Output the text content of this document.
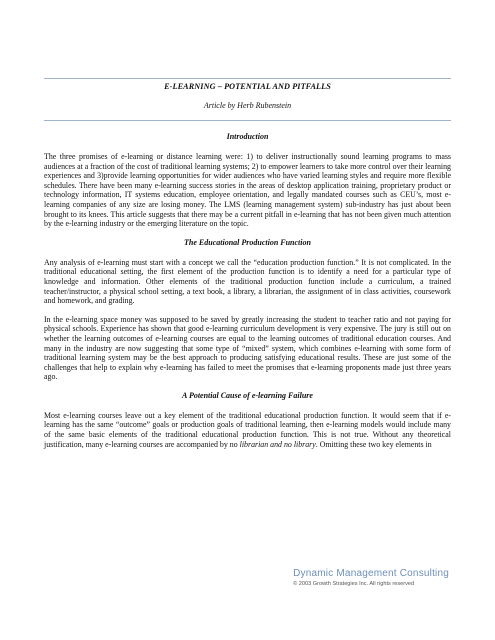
E-LEARNING – POTENTIAL AND PITFALLS
Article by Herb Rubenstein
Introduction

The three promises of e-learning or distance learning were: 1) to deliver instructionally sound learning programs to mass audiences at a fraction of the cost of traditional learning systems; 2) to empower learners to take more control over their learning experiences and 3)provide learning opportunities for wider audiences who have varied learning styles and require more flexible schedules. There have been many e-learning success stories in the areas of desktop application training, proprietary product or technology information, IT systems education, employee orientation, and legally mandated courses such as CEU’s, most e-learning companies of any size are losing money. The LMS (learning management system) sub-industry has just about been brought to its knees. This article suggests that there may be a current pitfall in e-learning that has not been given much attention by the e-learning industry or the emerging literature on the topic.

The Educational Production Function

Any analysis of e-learning must start with a concept we call the “education production function.” It is not complicated. In the traditional educational setting, the first element of the production function is to identify a need for a particular type of knowledge and information. Other elements of the traditional production function include a curriculum, a trained teacher/instructor, a physical school setting, a text book, a library, a librarian, the assignment of in class activities, coursework and homework, and grading.

In the e-learning space money was supposed to be saved by greatly increasing the student to teacher ratio and not paying for physical schools. Experience has shown that good e-learning curriculum development is very expensive. The jury is still out on whether the learning outcomes of e-learning courses are equal to the learning outcomes of traditional education courses. And many in the industry are now suggesting that some type of “mixed” system, which combines e-learning with some form of traditional learning system may be the best approach to producing satisfying educational results. These are just some of the challenges that help to explain why e-learning has failed to meet the promises that e-learning proponents made just three years ago.

A Potential Cause of e-learning Failure

Most e-learning courses leave out a key element of the traditional educational production function. It would seem that if e-learning has the same “outcome” goals or production goals of traditional learning, then e-learning models would include many of the same basic elements of the traditional educational production function. This is not true. Without any theoretical justification, many e-learning courses are accompanied by no librarian and no library. Omitting these two key elements in

Dynamic Management Consulting
© 2003 Growth Strategies Inc. All rights reserved
